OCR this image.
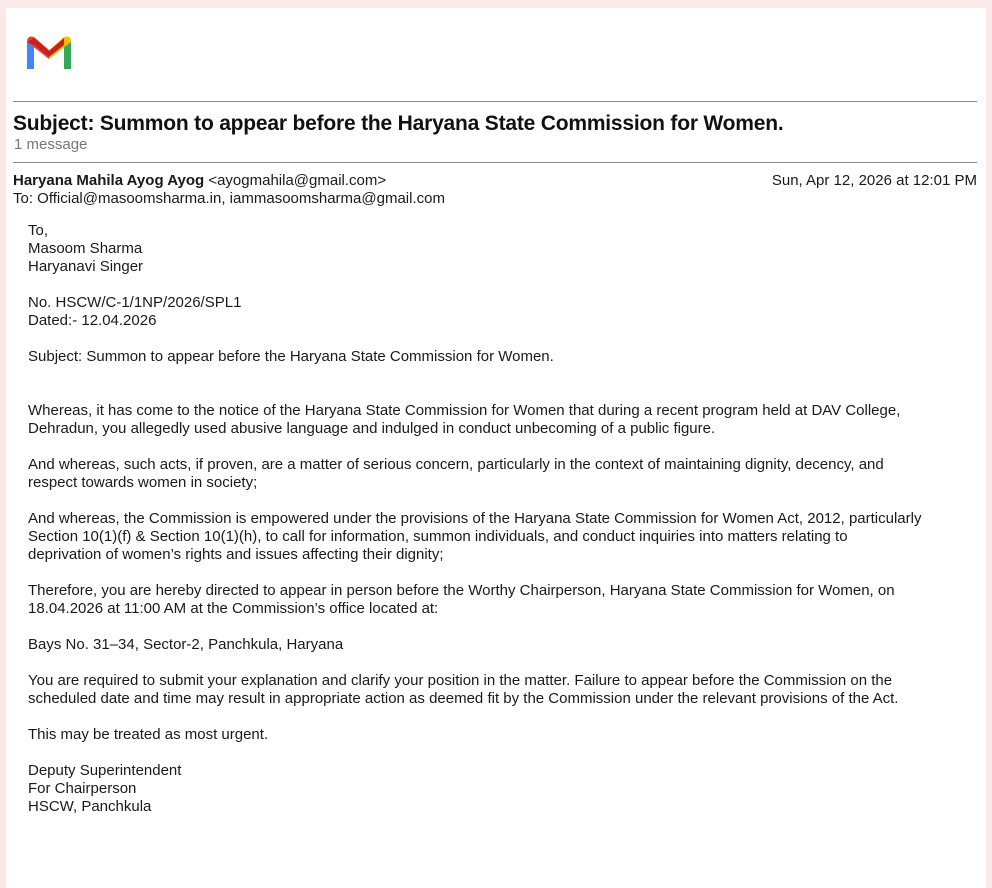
Subject: Summon to appear before the Haryana State Commission for Women.
1 message
Haryana Mahila Ayog Ayog <ayogmahila@gmail.com>	Sun, Apr 12, 2026 at 12:01 PM
To: Official@masoomsharma.in, iammasoomsharma@gmail.com

To,
Masoom Sharma
Haryanavi Singer

No. HSCW/C-1/1NP/2026/SPL1
Dated:- 12.04.2026

Subject: Summon to appear before the Haryana State Commission for Women.

Whereas, it has come to the notice of the Haryana State Commission for Women that during a recent program held at DAV College,
Dehradun, you allegedly used abusive language and indulged in conduct unbecoming of a public figure.

And whereas, such acts, if proven, are a matter of serious concern, particularly in the context of maintaining dignity, decency, and
respect towards women in society;

And whereas, the Commission is empowered under the provisions of the Haryana State Commission for Women Act, 2012, particularly
Section 10(1)(f) & Section 10(1)(h), to call for information, summon individuals, and conduct inquiries into matters relating to
deprivation of women’s rights and issues affecting their dignity;

Therefore, you are hereby directed to appear in person before the Worthy Chairperson, Haryana State Commission for Women, on
18.04.2026 at 11:00 AM at the Commission’s office located at:

Bays No. 31–34, Sector-2, Panchkula, Haryana

You are required to submit your explanation and clarify your position in the matter. Failure to appear before the Commission on the
scheduled date and time may result in appropriate action as deemed fit by the Commission under the relevant provisions of the Act.

This may be treated as most urgent.

Deputy Superintendent
For Chairperson
HSCW, Panchkula
